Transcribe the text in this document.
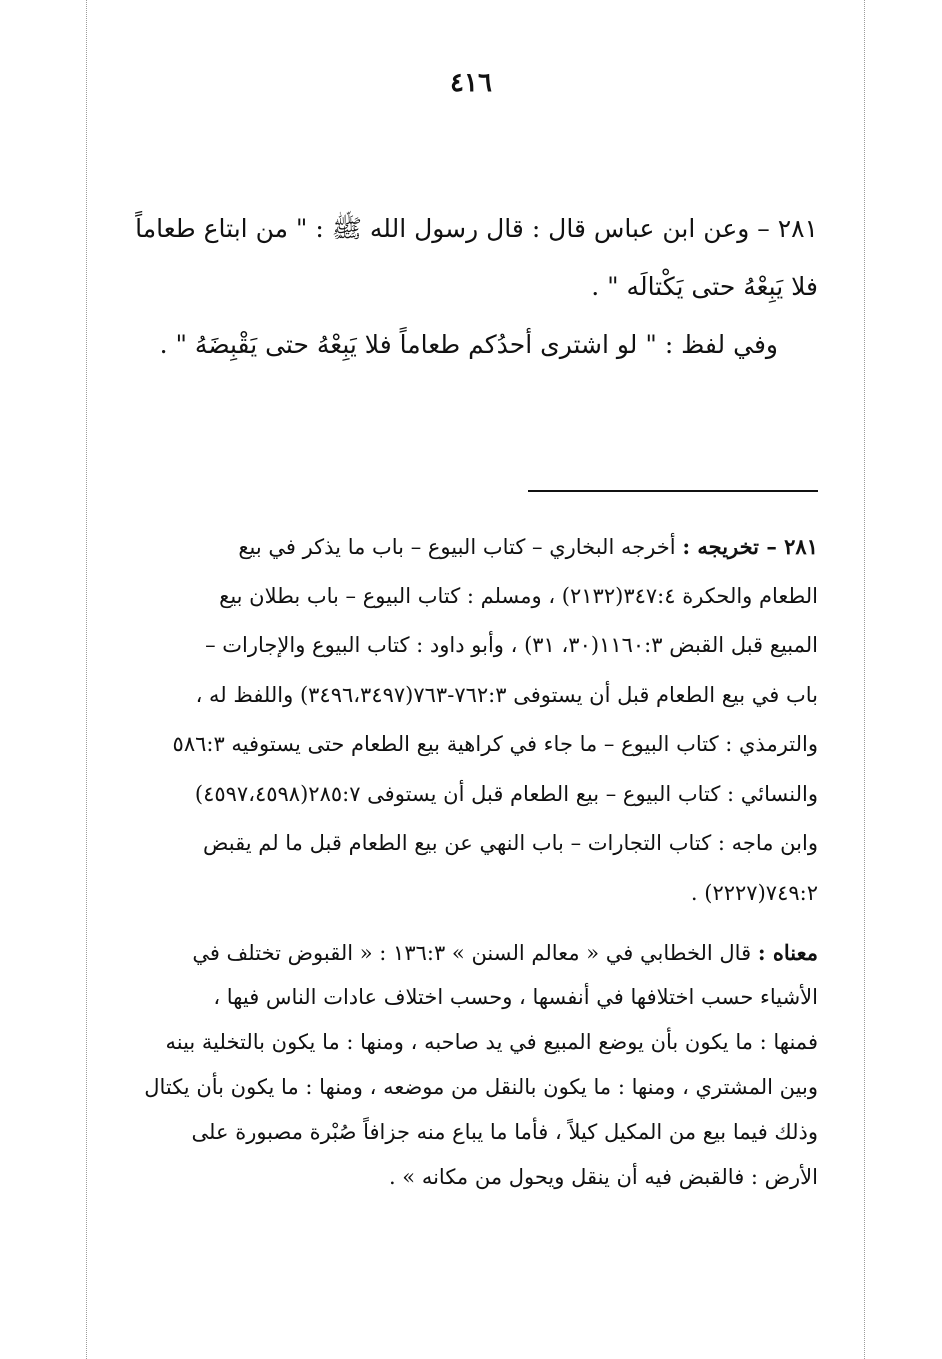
٤١٦
٢٨١ – وعن ابن عباس قال : قال رسول الله ﷺ : " من ابتاع طعاماً
فلا يَبِعْهُ حتى يَكْتالَه " .
وفي لفظ : " لو اشترى أحدُكم طعاماً فلا يَبِعْهُ حتى يَقْبِضَهُ " .
٢٨١ – تخريجه : أخرجه البخاري – كتاب البيوع – باب ما يذكر في بيع
الطعام والحكرة ٣٤٧:٤(٢١٣٢) ، ومسلم : كتاب البيوع – باب بطلان بيع
المبيع قبل القبض ١١٦٠:٣(٣٠، ٣١) ، وأبو داود : كتاب البيوع والإجارات –
باب في بيع الطعام قبل أن يستوفى ٧٦٢:٣-٧٦٣(٣٤٩٦،٣٤٩٧) واللفظ له ،
والترمذي : كتاب البيوع – ما جاء في كراهية بيع الطعام حتى يستوفيه ٥٨٦:٣
والنسائي : كتاب البيوع – بيع الطعام قبل أن يستوفى ٢٨٥:٧(٤٥٩٧،٤٥٩٨)
وابن ماجه : كتاب التجارات – باب النهي عن بيع الطعام قبل ما لم يقبض
٧٤٩:٢(٢٢٢٧) .
معناه : قال الخطابي في « معالم السنن » ١٣٦:٣ : « القبوض تختلف في
الأشياء حسب اختلافها في أنفسها ، وحسب اختلاف عادات الناس فيها ،
فمنها : ما يكون بأن يوضع المبيع في يد صاحبه ، ومنها : ما يكون بالتخلية بينه
وبين المشتري ، ومنها : ما يكون بالنقل من موضعه ، ومنها : ما يكون بأن يكتال
وذلك فيما بيع من المكيل كيلاً ، فأما ما يباع منه جزافاً صُبْرة مصبورة على
الأرض : فالقبض فيه أن ينقل ويحول من مكانه » .
